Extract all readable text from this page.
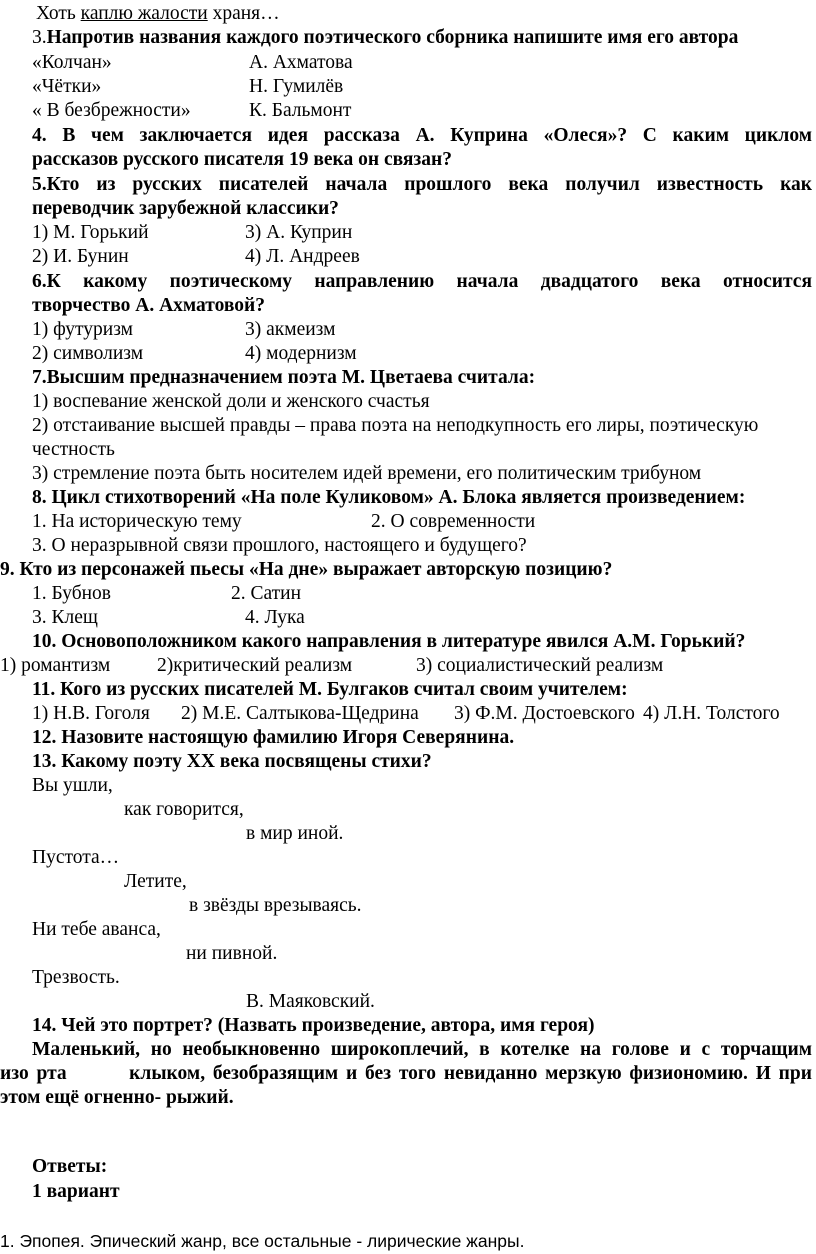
Хоть каплю жалости храня…
3.Напротив названия каждого поэтического сборника напишите имя его автора
«Колчан»	А. Ахматова
«Чётки»	Н. Гумилёв
« В безбрежности»	К. Бальмонт
4. В чем заключается идея рассказа А. Куприна «Олеся»? С каким циклом
рассказов русского писателя 19 века он связан?
5.Кто из русских писателей начала прошлого века получил известность как
переводчик зарубежной классики?
1) М. Горький	3) А. Куприн
2) И. Бунин	4) Л. Андреев
6.К какому поэтическому направлению начала двадцатого века относится
творчество А. Ахматовой?
1) футуризм	3) акмеизм
2) символизм	4) модернизм
7.Высшим предназначением поэта М. Цветаева считала:
1) воспевание женской доли и женского счастья
2) отстаивание высшей правды – права поэта на неподкупность его лиры, поэтическую
честность
3) стремление поэта быть носителем идей времени, его политическим трибуном
8. Цикл стихотворений «На поле Куликовом» А. Блока является произведением:
1. На историческую тему	2. О современности
3. О неразрывной связи прошлого, настоящего и будущего?
9. Кто из персонажей пьесы «На дне» выражает авторскую позицию?
1. Бубнов	2. Сатин
3. Клещ	4. Лука
10. Основоположником какого направления в литературе явился А.М. Горький?
1) романтизм 2)критический реализм	3) социалистический реализм
11. Кого из русских писателей М. Булгаков считал своим учителем:
1) Н.В. Гоголя 2) М.Е. Салтыкова-Щедрина 3) Ф.М. Достоевского 4) Л.Н. Толстого
12. Назовите настоящую фамилию Игоря Северянина.
13. Какому поэту ХХ века посвящены стихи?
Вы ушли,
как говорится,
в мир иной.
Пустота…
Летите,
в звёзды врезываясь.
Ни тебе аванса,
ни пивной.
Трезвость.
В. Маяковский.
14. Чей это портрет? (Назвать произведение, автора, имя героя)
Маленький, но необыкновенно широкоплечий, в котелке на голове и с торчащим
изо рта        клыком, безобразящим и без того невиданно мерзкую физиономию. И при
этом ещё огненно- рыжий.
Ответы:
1 вариант
1. Эпопея. Эпический жанр, все остальные - лирические жанры.
